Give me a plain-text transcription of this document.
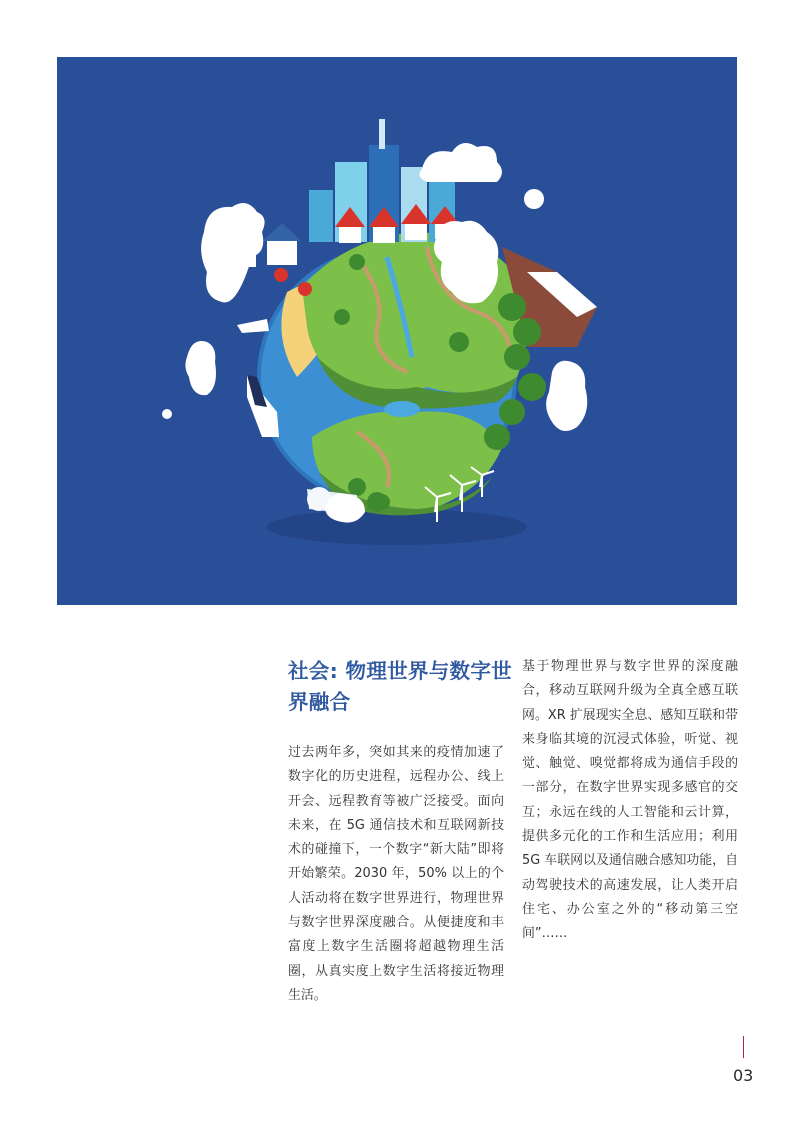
社会: 物理世界与数字世界融合

过去两年多，突如其来的疫情加速了数字化的历史进程，远程办公、线上开会、远程教育等被广泛接受。面向未来，在 5G 通信技术和互联网新技术的碰撞下，一个数字“新大陆”即将开始繁荣。2030 年，50% 以上的个人活动将在数字世界进行，物理世界与数字世界深度融合。从便捷度和丰富度上数字生活圈将超越物理生活圈，从真实度上数字生活将接近物理生活。

基于物理世界与数字世界的深度融合，移动互联网升级为全真全感互联网。XR 扩展现实全息、感知互联和带来身临其境的沉浸式体验，听觉、视觉、触觉、嗅觉都将成为通信手段的一部分，在数字世界实现多感官的交互；永远在线的人工智能和云计算，提供多元化的工作和生活应用；利用 5G 车联网以及通信融合感知功能，自动驾驶技术的高速发展，让人类开启住宅、办公室之外的“移动第三空间”……

03
